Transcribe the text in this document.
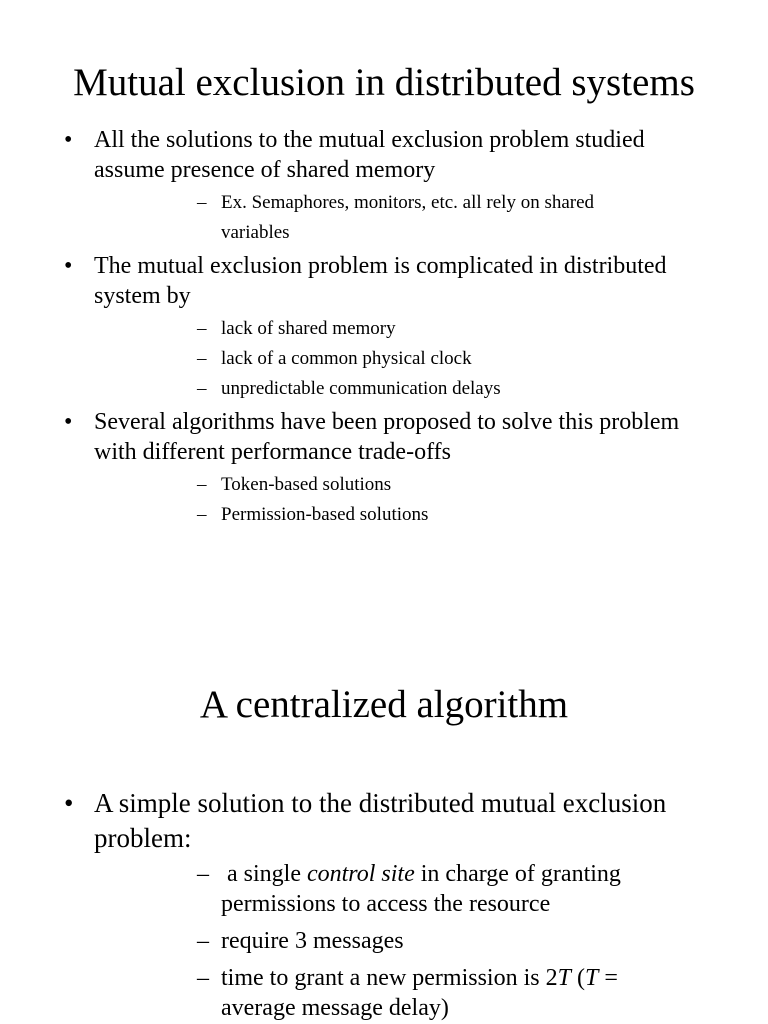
Mutual exclusion in distributed systems
• All the solutions to the mutual exclusion problem studied assume presence of shared memory
– Ex. Semaphores, monitors, etc. all rely on shared variables
• The mutual exclusion problem is complicated in distributed system by
– lack of shared memory
– lack of a common physical clock
– unpredictable communication delays
• Several algorithms have been proposed to solve this problem with different performance trade-offs
– Token-based solutions
– Permission-based solutions
A centralized algorithm
• A simple solution to the distributed mutual exclusion problem:
– a single control site in charge of granting permissions to access the resource
– require 3 messages
– time to grant a new permission is 2T (T = average message delay)
